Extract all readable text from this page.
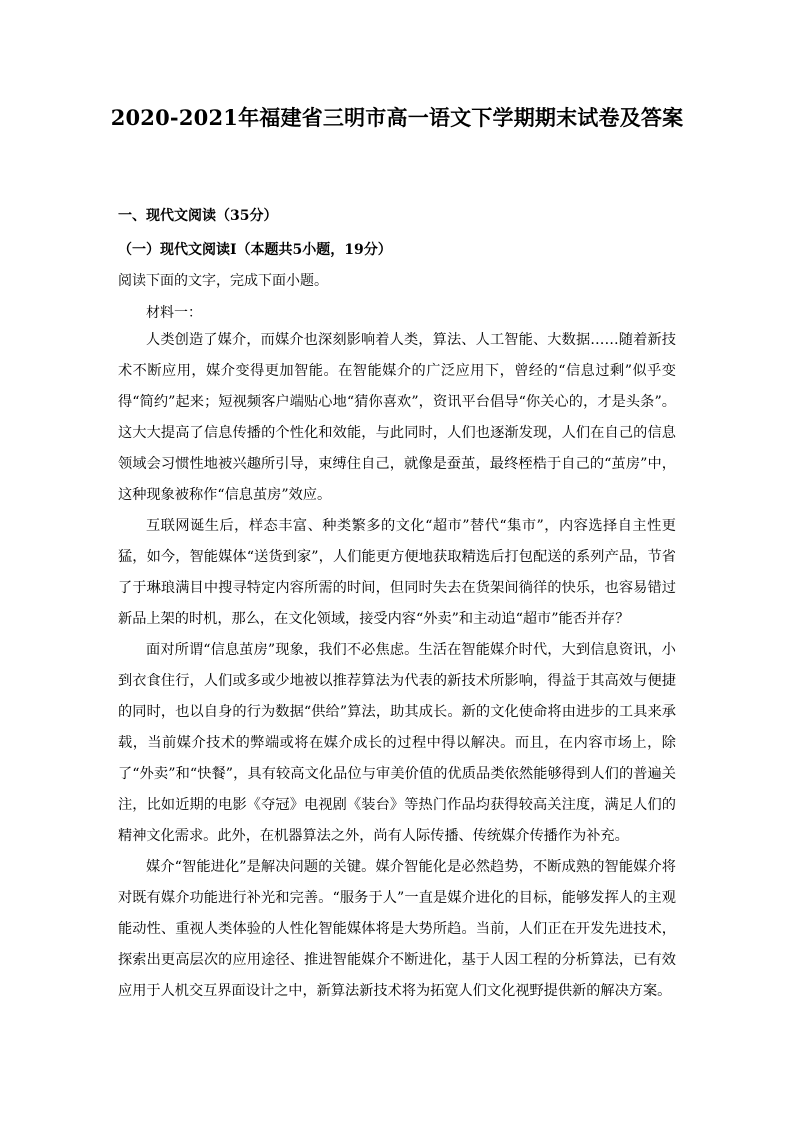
2020-2021年福建省三明市高一语文下学期期末试卷及答案
一、现代文阅读（35分）
（一）现代文阅读Ⅰ（本题共5小题，19分）
阅读下面的文字，完成下面小题。
材料一：

人类创造了媒介，而媒介也深刻影响着人类，算法、人工智能、大数据……随着新技术不断应用，媒介变得更加智能。在智能媒介的广泛应用下，曾经的“信息过剩”似乎变得“简约”起来；短视频客户端贴心地“猜你喜欢”，资讯平台倡导“你关心的，才是头条”。这大大提高了信息传播的个性化和效能，与此同时，人们也逐渐发现，人们在自己的信息领域会习惯性地被兴趣所引导，束缚住自己，就像是蚕茧，最终桎梏于自己的“茧房”中，这种现象被称作“信息茧房”效应。

互联网诞生后，样态丰富、种类繁多的文化“超市”替代“集市”，内容选择自主性更猛，如今，智能媒体“送货到家”，人们能更方便地获取精选后打包配送的系列产品，节省了于琳琅满目中搜寻特定内容所需的时间，但同时失去在货架间徜徉的快乐，也容易错过新品上架的时机，那么，在文化领域，接受内容“外卖”和主动追“超市”能否并存？

面对所谓“信息茧房”现象，我们不必焦虑。生活在智能媒介时代，大到信息资讯，小到衣食住行，人们或多或少地被以推荐算法为代表的新技术所影响，得益于其高效与便捷的同时，也以自身的行为数据“供给”算法，助其成长。新的文化使命将由进步的工具来承载，当前媒介技术的弊端或将在媒介成长的过程中得以解决。而且，在内容市场上，除了“外卖”和“快餐”，具有较高文化品位与审美价值的优质品类依然能够得到人们的普遍关注，比如近期的电影《夺冠》电视剧《装台》等热门作品均获得较高关注度，满足人们的精神文化需求。此外，在机器算法之外，尚有人际传播、传统媒介传播作为补充。

媒介“智能进化”是解决问题的关键。媒介智能化是必然趋势，不断成熟的智能媒介将对既有媒介功能进行补光和完善。“服务于人”一直是媒介进化的目标，能够发挥人的主观能动性、重视人类体验的人性化智能媒体将是大势所趋。当前，人们正在开发先进技术，探索出更高层次的应用途径、推进智能媒介不断进化，基于人因工程的分析算法，已有效应用于人机交互界面设计之中，新算法新技术将为拓宽人们文化视野提供新的解决方案。
